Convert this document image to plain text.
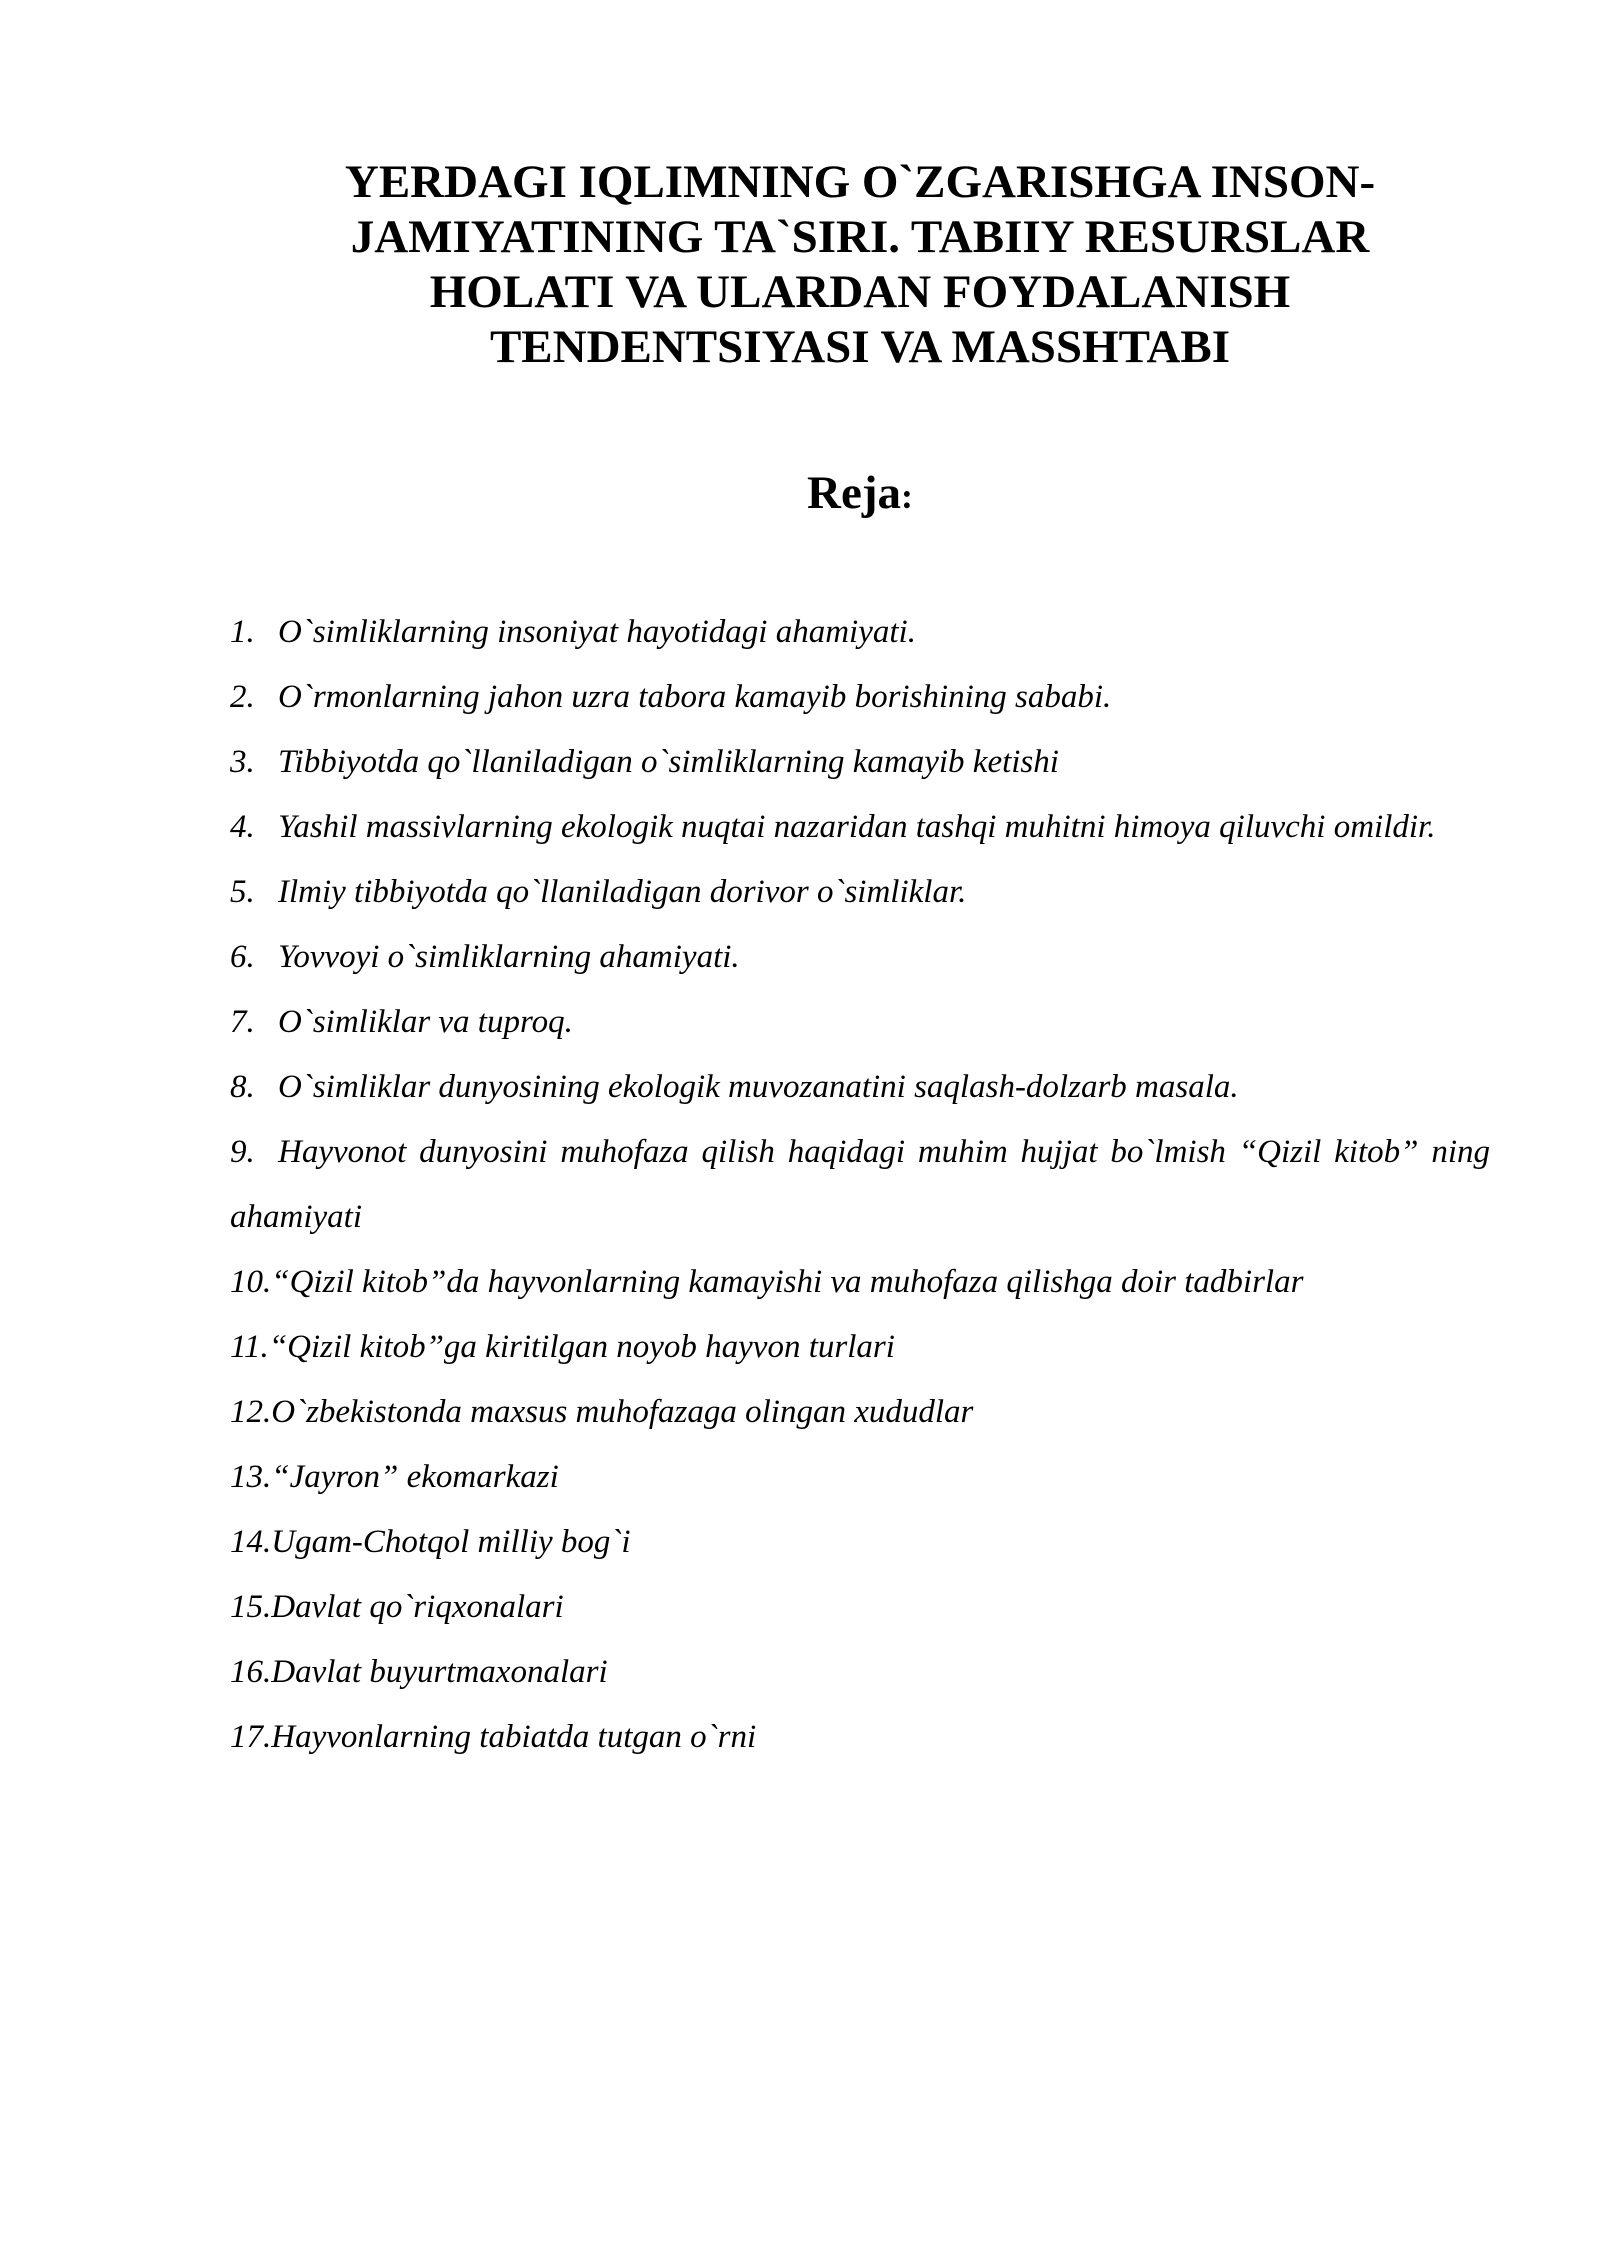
YERDAGI IQLIMNING O`ZGARISHGA INSON-
JAMIYATINING TA`SIRI. TABIIY RESURSLAR
HOLATI VA ULARDAN FOYDALANISH
TENDENTSIYASI VA MASSHTABI
Reja:
1. O`simliklarning insoniyat hayotidagi ahamiyati.
2. O`rmonlarning jahon uzra tabora kamayib borishining sababi.
3. Tibbiyotda qo`llaniladigan o`simliklarning kamayib ketishi
4. Yashil massivlarning ekologik nuqtai nazaridan tashqi muhitni himoya qiluvchi omildir.
5. Ilmiy tibbiyotda qo`llaniladigan dorivor o`simliklar.
6. Yovvoyi o`simliklarning ahamiyati.
7. O`simliklar va tuproq.
8. O`simliklar dunyosining ekologik muvozanatini saqlash-dolzarb masala.
9. Hayvonot dunyosini muhofaza qilish haqidagi muhim hujjat bo`lmish “Qizil kitob” ning ahamiyati
10.“Qizil kitob”da hayvonlarning kamayishi va muhofaza qilishga doir tadbirlar
11.“Qizil kitob”ga kiritilgan noyob hayvon turlari
12.O`zbekistonda maxsus muhofazaga olingan xududlar
13.“Jayron” ekomarkazi
14.Ugam-Chotqol milliy bog`i
15.Davlat qo`riqxonalari
16.Davlat buyurtmaxonalari
17.Hayvonlarning tabiatda tutgan o`rni
